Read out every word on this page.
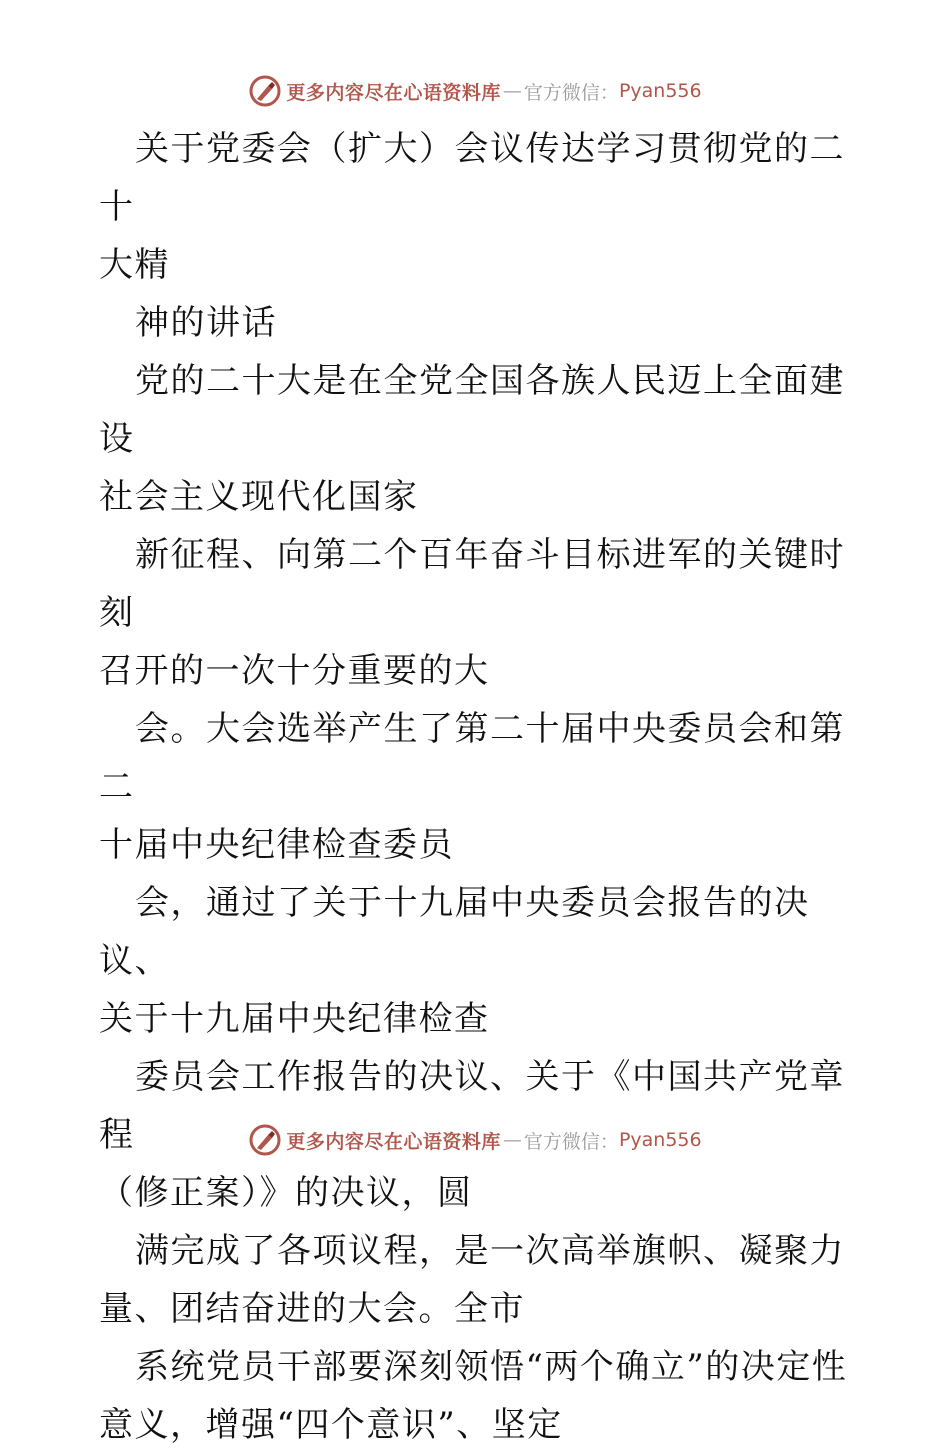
更多内容尽在心语资料库 — 官方微信： Pyan556

关于党委会（扩大）会议传达学习贯彻党的二十
大精

神的讲话

党的二十大是在全党全国各族人民迈上全面建设
社会主义现代化国家

新征程、向第二个百年奋斗目标进军的关键时刻
召开的一次十分重要的大

会。大会选举产生了第二十届中央委员会和第二
十届中央纪律检查委员

会，通过了关于十九届中央委员会报告的决议、
关于十九届中央纪律检查

委员会工作报告的决议、关于《中国共产党章程
（修正案）》的决议，圆

满完成了各项议程，是一次高举旗帜、凝聚力
量、团结奋进的大会。全市

系统党员干部要深刻领悟“两个确立”的决定性
意义，增强“四个意识”、坚定

更多内容尽在心语资料库 — 官方微信： Pyan556
